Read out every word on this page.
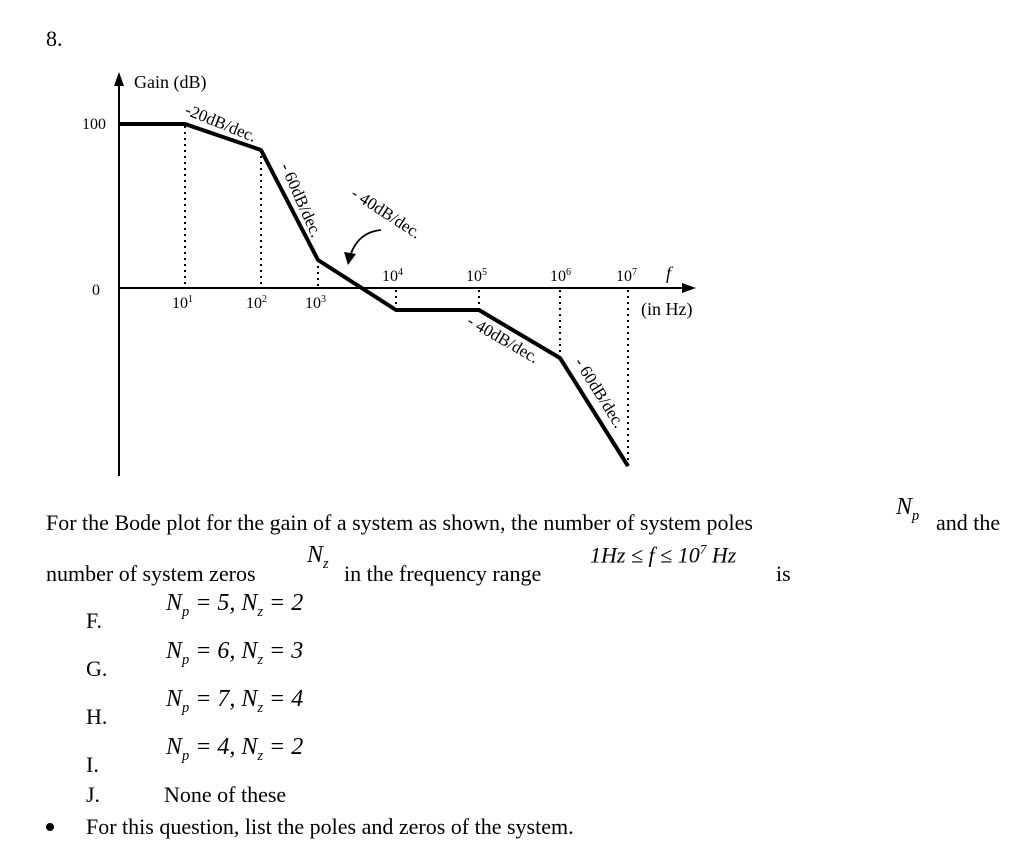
8.
Gain (dB)
100
0
$10^1$	$10^2$ $10^3$
$10^4$	$10^5$	$10^6$	$10^7$ f
(in Hz)
-20dB/dec.
- 60dB/dec. - 40dB/dec.
- 40dB/dec.
- 60dB/dec.
For the Bode plot for the gain of a system as shown, the number of system poles
$N_p$ and the
number of system zeros
$N_z$ in the frequency range
$1Hz \le f \le 10^7$ Hz
is
F.
$N_p = 5$, $N_z = 2$
G.
$N_p = 6$, $N_z = 3$
H.
$N_p = 7$, $N_z = 4$
I.
$N_p = 4$, $N_z = 2$
J.	None of these
For this question, list the poles and zeros of the system.
